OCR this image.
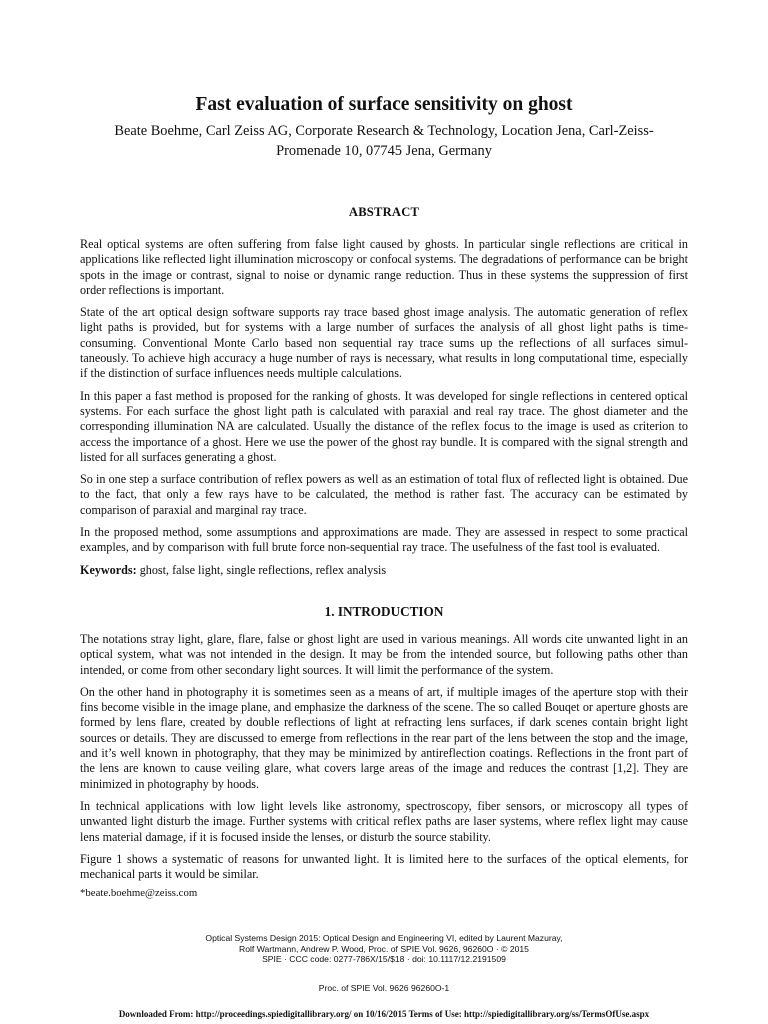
Fast evaluation of surface sensitivity on ghost
Beate Boehme, Carl Zeiss AG, Corporate Research & Technology, Location Jena, Carl-Zeiss-Promenade 10, 07745 Jena, Germany
ABSTRACT

Real optical systems are often suffering from false light caused by ghosts. In particular single reflections are critical in applications like reflected light illumination microscopy or confocal systems. The degradations of performance can be bright spots in the image or contrast, signal to noise or dynamic range reduction. Thus in these systems the suppression of first order reflections is important.

State of the art optical design software supports ray trace based ghost image analysis. The automatic generation of reflex light paths is provided, but for systems with a large number of surfaces the analysis of all ghost light paths is time-consuming. Conventional Monte Carlo based non sequential ray trace sums up the reflections of all surfaces simul-taneously. To achieve high accuracy a huge number of rays is necessary, what results in long computational time, especially if the distinction of surface influences needs multiple calculations.

In this paper a fast method is proposed for the ranking of ghosts. It was developed for single reflections in centered optical systems. For each surface the ghost light path is calculated with paraxial and real ray trace. The ghost diameter and the corresponding illumination NA are calculated. Usually the distance of the reflex focus to the image is used as criterion to access the importance of a ghost. Here we use the power of the ghost ray bundle. It is compared with the signal strength and listed for all surfaces generating a ghost.

So in one step a surface contribution of reflex powers as well as an estimation of total flux of reflected light is obtained. Due to the fact, that only a few rays have to be calculated, the method is rather fast. The accuracy can be estimated by comparison of paraxial and marginal ray trace.

In the proposed method, some assumptions and approximations are made. They are assessed in respect to some practical examples, and by comparison with full brute force non-sequential ray trace. The usefulness of the fast tool is evaluated.

Keywords: ghost, false light, single reflections, reflex analysis

1. INTRODUCTION

The notations stray light, glare, flare, false or ghost light are used in various meanings. All words cite unwanted light in an optical system, what was not intended in the design. It may be from the intended source, but following paths other than intended, or come from other secondary light sources. It will limit the performance of the system.

On the other hand in photography it is sometimes seen as a means of art, if multiple images of the aperture stop with their fins become visible in the image plane, and emphasize the darkness of the scene. The so called Bouqet or aperture ghosts are formed by lens flare, created by double reflections of light at refracting lens surfaces, if dark scenes contain bright light sources or details. They are discussed to emerge from reflections in the rear part of the lens between the stop and the image, and it’s well known in photography, that they may be minimized by antireflection coatings. Reflections in the front part of the lens are known to cause veiling glare, what covers large areas of the image and reduces the contrast [1,2]. They are minimized in photography by hoods.

In technical applications with low light levels like astronomy, spectroscopy, fiber sensors, or microscopy all types of unwanted light disturb the image. Further systems with critical reflex paths are laser systems, where reflex light may cause lens material damage, if it is focused inside the lenses, or disturb the source stability.

Figure 1 shows a systematic of reasons for unwanted light. It is limited here to the surfaces of the optical elements, for mechanical parts it would be similar.

*beate.boehme@zeiss.com
Optical Systems Design 2015: Optical Design and Engineering VI, edited by Laurent Mazuray,
Rolf Wartmann, Andrew P. Wood, Proc. of SPIE Vol. 9626, 96260O · © 2015
SPIE · CCC code: 0277-786X/15/$18 · doi: 10.1117/12.2191509
Proc. of SPIE Vol. 9626 96260O-1
Downloaded From: http://proceedings.spiedigitallibrary.org/ on 10/16/2015 Terms of Use: http://spiedigitallibrary.org/ss/TermsOfUse.aspx
